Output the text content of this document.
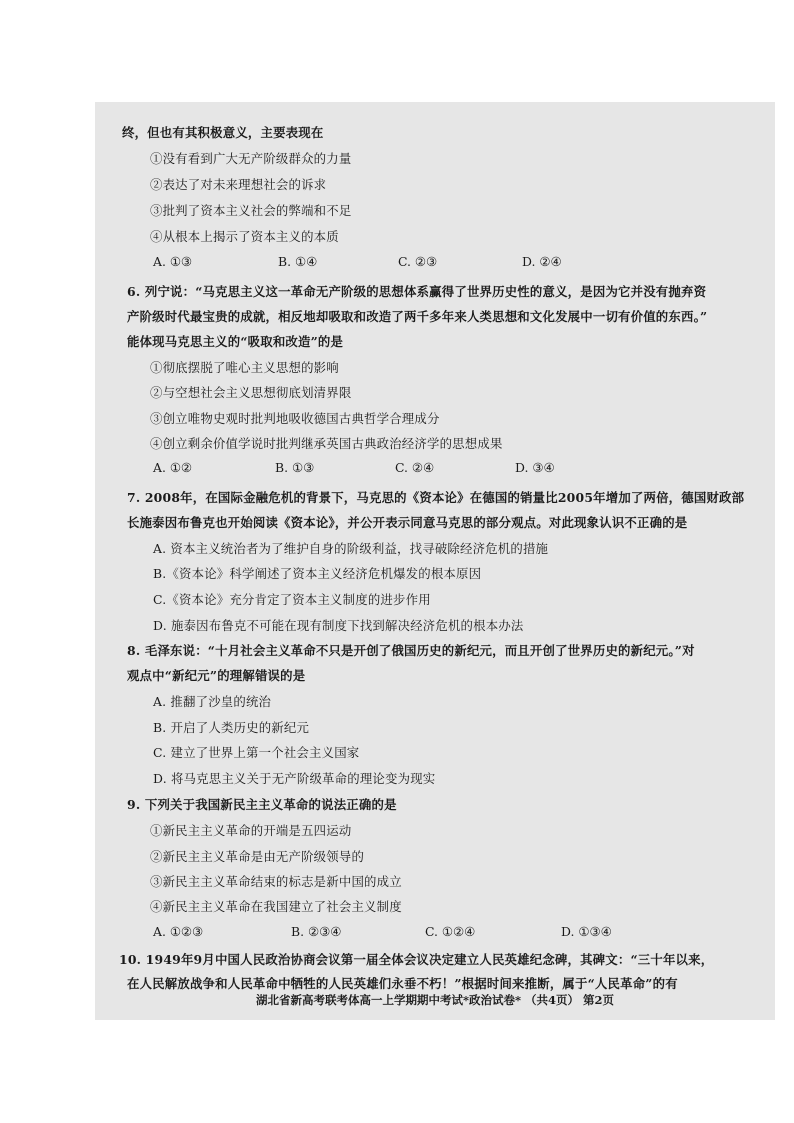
终，但也有其积极意义，主要表现在
①没有看到广大无产阶级群众的力量
②表达了对未来理想社会的诉求
③批判了资本主义社会的弊端和不足
④从根本上揭示了资本主义的本质
A. ①③	B. ①④	C. ②③	D. ②④
6. 列宁说：“马克思主义这一革命无产阶级的思想体系赢得了世界历史性的意义，是因为它并没有抛弃资
产阶级时代最宝贵的成就，相反地却吸取和改造了两千多年来人类思想和文化发展中一切有价值的东西。”
能体现马克思主义的“吸取和改造”的是
①彻底摆脱了唯心主义思想的影响
②与空想社会主义思想彻底划清界限
③创立唯物史观时批判地吸收德国古典哲学合理成分
④创立剩余价值学说时批判继承英国古典政治经济学的思想成果
A. ①②	B. ①③	C. ②④	D. ③④
7. 2008年，在国际金融危机的背景下，马克思的《资本论》在德国的销量比2005年增加了两倍，德国财政部
长施泰因布鲁克也开始阅读《资本论》，并公开表示同意马克思的部分观点。对此现象认识不正确的是
A. 资本主义统治者为了维护自身的阶级利益，找寻破除经济危机的措施
B.《资本论》科学阐述了资本主义经济危机爆发的根本原因
C.《资本论》充分肯定了资本主义制度的进步作用
D. 施泰因布鲁克不可能在现有制度下找到解决经济危机的根本办法
8. 毛泽东说：“十月社会主义革命不只是开创了俄国历史的新纪元，而且开创了世界历史的新纪元。”对
观点中“新纪元”的理解错误的是
A. 推翻了沙皇的统治
B. 开启了人类历史的新纪元
C. 建立了世界上第一个社会主义国家
D. 将马克思主义关于无产阶级革命的理论变为现实
9. 下列关于我国新民主主义革命的说法正确的是
①新民主主义革命的开端是五四运动
②新民主主义革命是由无产阶级领导的
③新民主主义革命结束的标志是新中国的成立
④新民主主义革命在我国建立了社会主义制度
A. ①②③	B. ②③④	C. ①②④	D. ①③④
10. 1949年9月中国人民政治协商会议第一届全体会议决定建立人民英雄纪念碑，其碑文：“三十年以来，
在人民解放战争和人民革命中牺牲的人民英雄们永垂不朽！”根据时间来推断，属于“人民革命”的有
湖北省新高考联考体高一上学期期中考试*政治试卷* （共4页） 第2页
